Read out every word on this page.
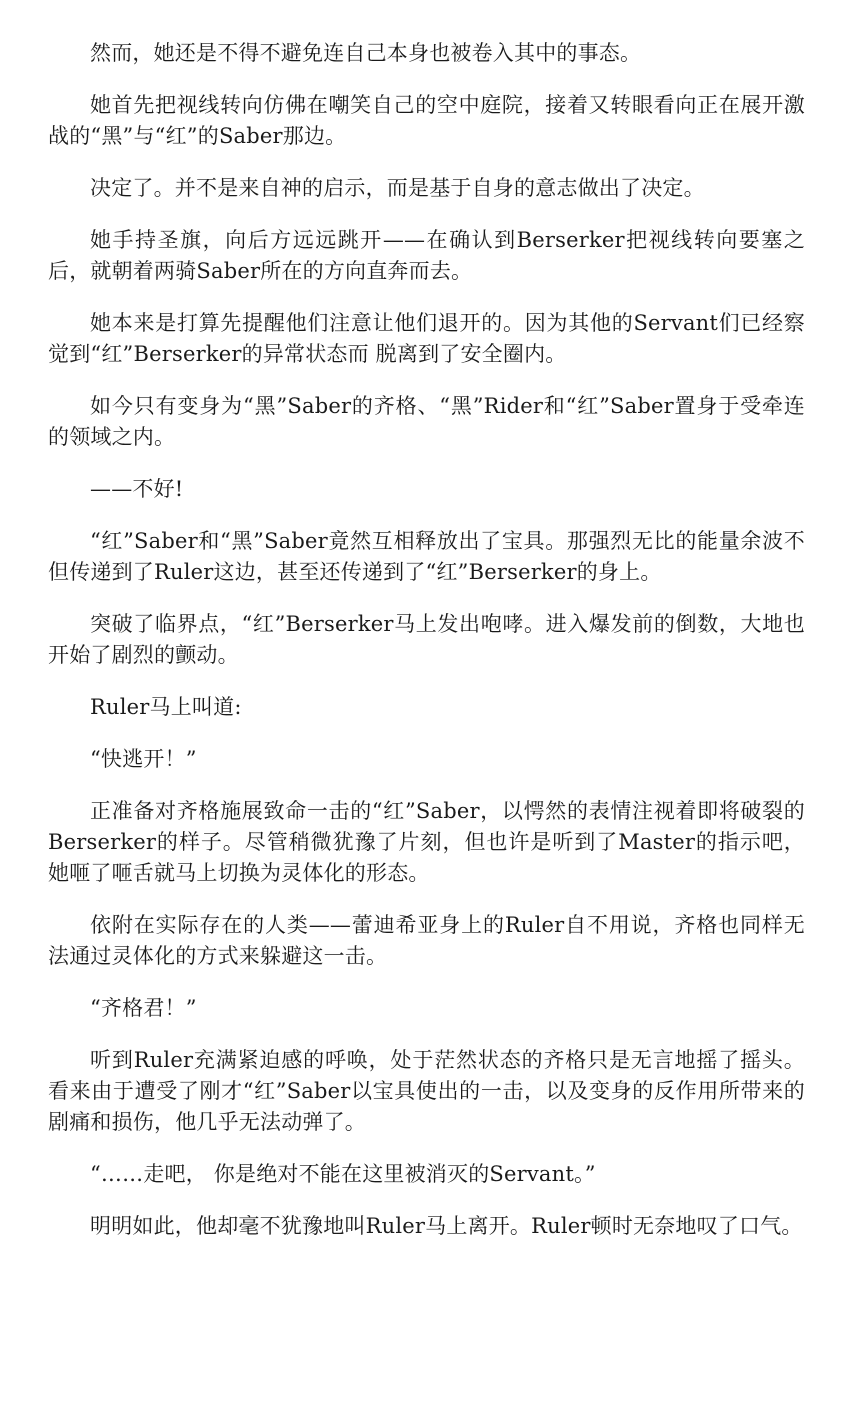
然而，她还是不得不避免连自己本身也被卷入其中的事态。

她首先把视线转向仿佛在嘲笑自己的空中庭院，接着又转眼看向正在展开激战的“黑”与“红”的Saber那边。

决定了。并不是来自神的启示，而是基于自身的意志做出了决定。

她手持圣旗，向后方远远跳开——在确认到Berserker把视线转向要塞之后，就朝着两骑Saber所在的方向直奔而去。

她本来是打算先提醒他们注意让他们退开的。因为其他的Servant们已经察觉到“红”Berserker的异常状态而 脱离到了安全圈内。

如今只有变身为“黑”Saber的齐格、“黑”Rider和“红”Saber置身于受牵连的领域之内。

——不好!

“红”Saber和“黑”Saber竟然互相释放出了宝具。那强烈无比的能量余波不但传递到了Ruler这边，甚至还传递到了“红”Berserker的身上。

突破了临界点，“红”Berserker马上发出咆哮。进入爆发前的倒数，大地也开始了剧烈的颤动。

Ruler马上叫道:

“快逃开！”

正准备对齐格施展致命一击的“红”Saber，以愕然的表情注视着即将破裂的Berserker的样子。尽管稍微犹豫了片刻，但也许是听到了Master的指示吧，她咂了咂舌就马上切换为灵体化的形态。

依附在实际存在的人类——蕾迪希亚身上的Ruler自不用说，齐格也同样无法通过灵体化的方式来躲避这一击。

“齐格君！”

听到Ruler充满紧迫感的呼唤，处于茫然状态的齐格只是无言地摇了摇头。看来由于遭受了刚才“红”Saber以宝具使出的一击，以及变身的反作用所带来的剧痛和损伤，他几乎无法动弹了。

“……走吧， 你是绝对不能在这里被消灭的Servant。”

明明如此，他却毫不犹豫地叫Ruler马上离开。Ruler顿时无奈地叹了口气。
